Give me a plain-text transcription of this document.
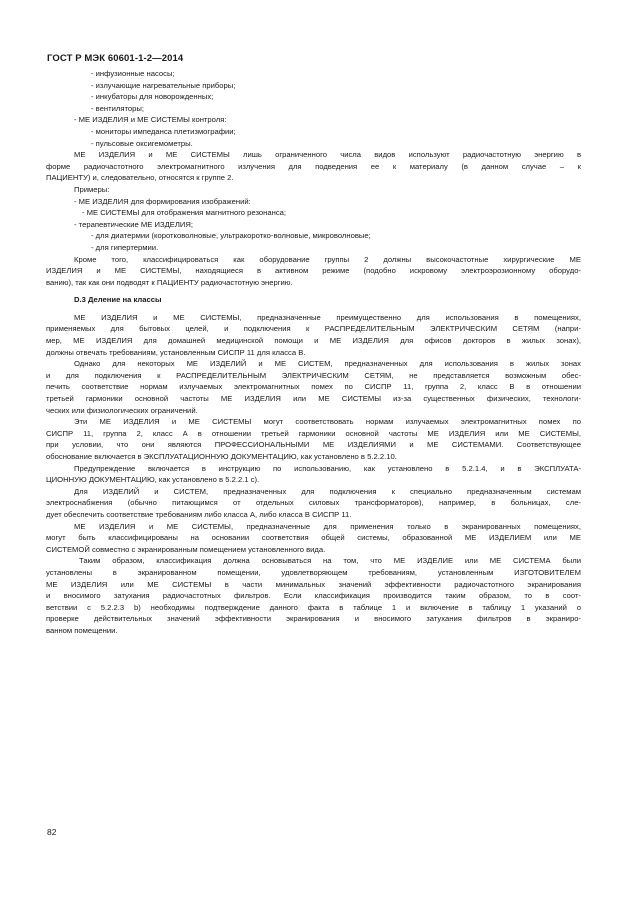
ГОСТ Р МЭК 60601-1-2—2014
- инфузионные насосы;
- излучающие нагревательные приборы;
- инкубаторы для новорожденных;
- вентиляторы;
- МЕ ИЗДЕЛИЯ и МЕ СИСТЕМЫ контроля:
- мониторы импеданса плетизмографии;
- пульсовые оксигемометры.
МЕ ИЗДЕЛИЯ и МЕ СИСТЕМЫ лишь ограниченного числа видов используют радиочастотную энергию в
форме радиочастотного электромагнитного излучения для подведения ее к материалу (в данном случае – к
ПАЦИЕНТУ) и, следовательно, относятся к группе 2.
Примеры:
- МЕ ИЗДЕЛИЯ для формирования изображений:
- МЕ СИСТЕМЫ для отображения магнитного резонанса;
- терапевтические МЕ ИЗДЕЛИЯ;
- для диатермии (коротковолновые, ультракоротко-волновые, микроволновые;
- для гипертермии.
Кроме того, классифицироваться как оборудование группы 2 должны высокочастотные хирургические МЕ
ИЗДЕЛИЯ и МЕ СИСТЕМЫ, находящиеся в активном режиме (подобно искровому электроэрозионному оборудо-
ванию), так как они подводят к ПАЦИЕНТУ радиочастотную энергию.
D.3 Деление на классы
МЕ ИЗДЕЛИЯ и МЕ СИСТЕМЫ, предназначенные преимущественно для использования в помещениях,
применяемых для бытовых целей, и подключения к РАСПРЕДЕЛИТЕЛЬНЫМ ЭЛЕКТРИЧЕСКИМ СЕТЯМ (напри-
мер, МЕ ИЗДЕЛИЯ для домашней медицинской помощи и МЕ ИЗДЕЛИЯ для офисов докторов в жилых зонах),
должны отвечать требованиям, установленным СИСПР 11 для класса В.
Однако для некоторых МЕ ИЗДЕЛИЙ и МЕ СИСТЕМ, предназначенных для использования в жилых зонах
и для подключения к РАСПРЕДЕЛИТЕЛЬНЫМ ЭЛЕКТРИЧЕСКИМ СЕТЯМ, не представляется возможным обес-
печить соответствие нормам излучаемых электромагнитных помех по СИСПР 11, группа 2, класс В в отношении
третьей гармоники основной частоты МЕ ИЗДЕЛИЯ или МЕ СИСТЕМЫ из-за существенных физических, технологи-
ческих или физиологических ограничений.
Эти МЕ ИЗДЕЛИЯ и МЕ СИСТЕМЫ могут соответствовать нормам излучаемых электромагнитных помех по
СИСПР 11, группа 2, класс А в отношении третьей гармоники основной частоты МЕ ИЗДЕЛИЯ или МЕ СИСТЕМЫ,
при условии, что они являются ПРОФЕССИОНАЛЬНЫМИ МЕ ИЗДЕЛИЯМИ и МЕ СИСТЕМАМИ. Соответствующее
обоснование включается в ЭКСПЛУАТАЦИОННУЮ ДОКУМЕНТАЦИЮ, как установлено в 5.2.2.10.
Предупреждение включается в инструкцию по использованию, как установлено в 5.2.1.4, и в ЭКСПЛУАТА-
ЦИОННУЮ ДОКУМЕНТАЦИЮ, как установлено в 5.2.2.1 с).
Для ИЗДЕЛИЙ и СИСТЕМ, предназначенных для подключения к специально предназначенным системам
электроснабжения (обычно питающимся от отдельных силовых трансформаторов), например, в больницах, сле-
дует обеспечить соответствие требованиям либо класса А, либо класса В СИСПР 11.
МЕ ИЗДЕЛИЯ и МЕ СИСТЕМЫ, предназначенные для применения только в экранированных помещениях,
могут быть классифицированы на основании соответствия общей системы, образованной МЕ ИЗДЕЛИЕМ или МЕ
СИСТЕМОЙ совместно с экранированным помещением установленного вида.
Таким образом, классификация должна основываться на том, что МЕ ИЗДЕЛИЕ или МЕ СИСТЕМА были
установлены в экранированном помещении, удовлетворяющем требованиям, установленным ИЗГОТОВИТЕЛЕМ
МЕ ИЗДЕЛИЯ или МЕ СИСТЕМЫ в части минимальных значений эффективности радиочастотного экранирования
и вносимого затухания радиочастотных фильтров. Если классификация производится таким образом, то в соот-
ветствии с 5.2.2.3 b) необходимы подтверждение данного факта в таблице 1 и включение в таблицу 1 указаний о
проверке действительных значений эффективности экранирования и вносимого затухания фильтров в экраниро-
ванном помещении.
82
